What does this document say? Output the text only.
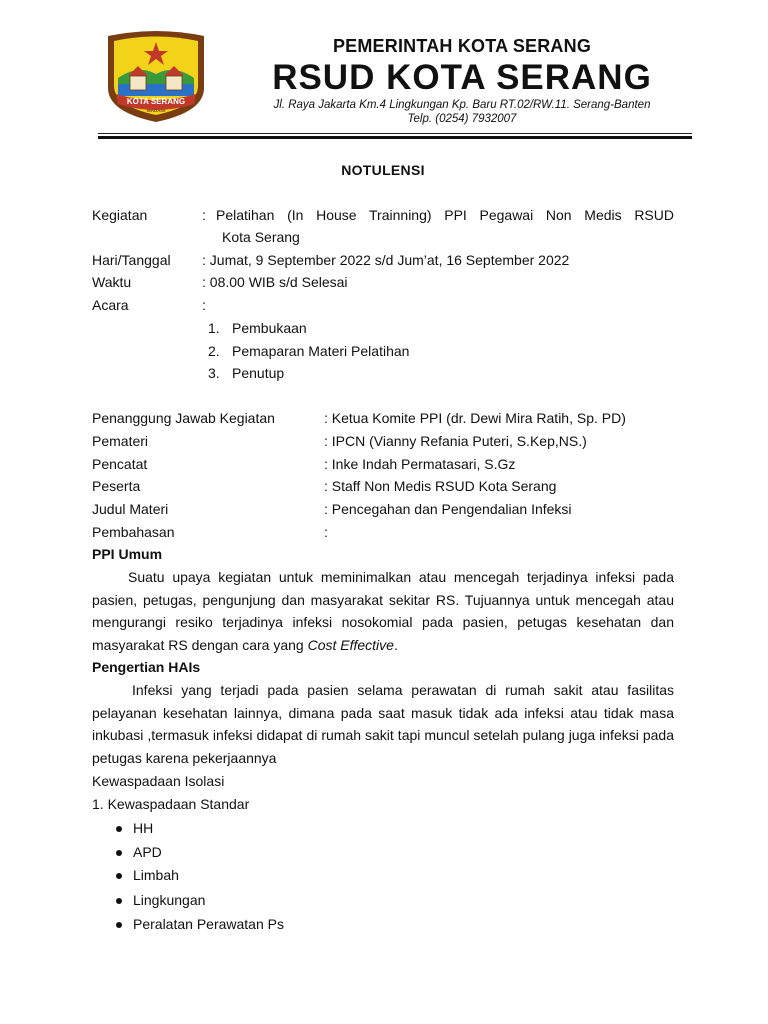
KOTA SERANG
MADANI
PEMERINTAH KOTA SERANG
RSUD KOTA SERANG
Jl. Raya Jakarta Km.4 Lingkungan Kp. Baru RT.02/RW.11. Serang-Banten
Telp. (0254) 7932007
NOTULENSI
Kegiatan	: Pelatihan (In House Trainning) PPI Pegawai Non Medis RSUD
Kota Serang
Hari/Tanggal : Jumat, 9 September 2022 s/d Jum’at, 16 September 2022
Waktu	: 08.00 WIB s/d Selesai
Acara	:
1. Pembukaan
2. Pemaparan Materi Pelatihan
3. Penutup
Penanggung Jawab Kegiatan	: Ketua Komite PPI (dr. Dewi Mira Ratih, Sp. PD)
Pemateri	: IPCN (Vianny Refania Puteri, S.Kep,NS.)
Pencatat	: Inke Indah Permatasari, S.Gz
Peserta	: Staff Non Medis RSUD Kota Serang
Judul Materi	: Pencegahan dan Pengendalian Infeksi
Pembahasan	:
PPI Umum
Suatu upaya kegiatan untuk meminimalkan atau mencegah terjadinya infeksi pada pasien, petugas, pengunjung dan masyarakat sekitar RS. Tujuannya untuk mencegah atau mengurangi resiko terjadinya infeksi nosokomial pada pasien, petugas kesehatan dan masyarakat RS dengan cara yang Cost Effective.
Pengertian HAIs
Infeksi yang terjadi pada pasien selama perawatan di rumah sakit atau fasilitas pelayanan kesehatan lainnya, dimana pada saat masuk tidak ada infeksi atau tidak masa inkubasi ,termasuk infeksi didapat di rumah sakit tapi muncul setelah pulang juga infeksi pada petugas karena pekerjaannya
Kewaspadaan Isolasi
1. Kewaspadaan Standar
HH
APD
Limbah
Lingkungan
Peralatan Perawatan Ps
